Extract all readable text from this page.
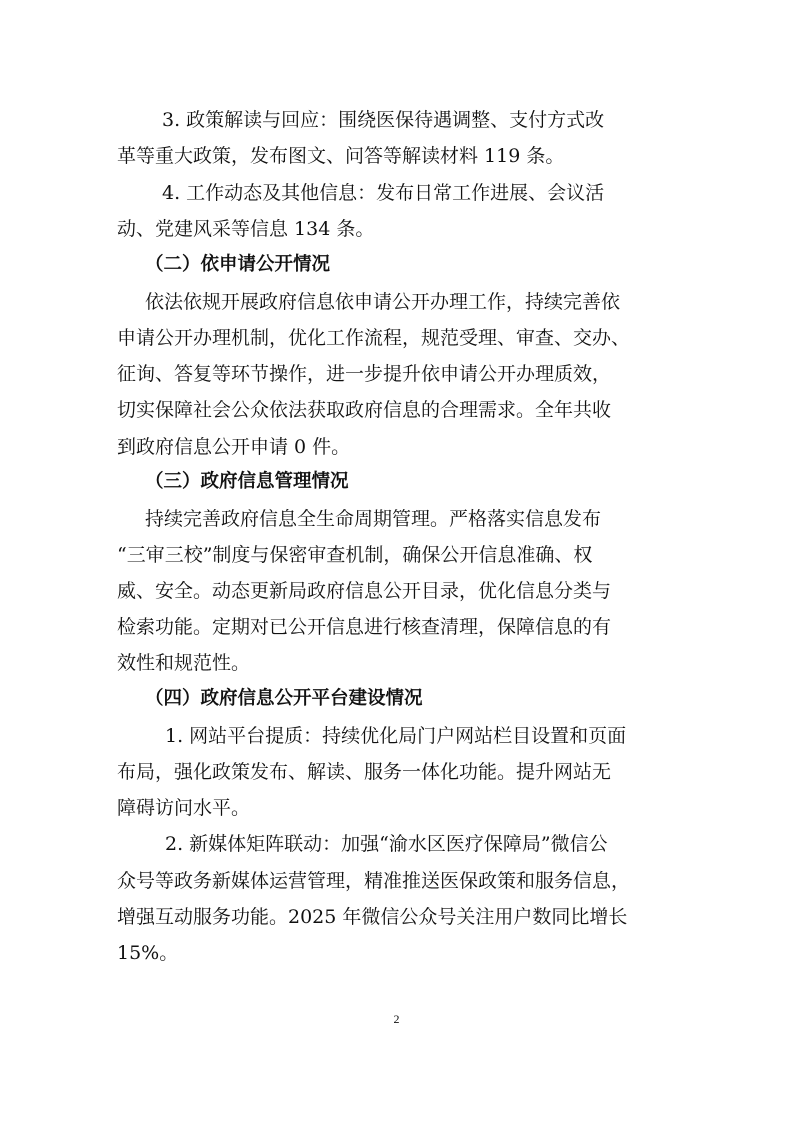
3. 政策解读与回应：围绕医保待遇调整、支付方式改

革等重大政策，发布图文、问答等解读材料 119 条。

4. 工作动态及其他信息：发布日常工作进展、会议活

动、党建风采等信息 134 条。

（二）依申请公开情况

依法依规开展政府信息依申请公开办理工作，持续完善依

申请公开办理机制，优化工作流程，规范受理、审查、交办、

征询、答复等环节操作，进一步提升依申请公开办理质效，

切实保障社会公众依法获取政府信息的合理需求。全年共收

到政府信息公开申请 0 件。

（三）政府信息管理情况

持续完善政府信息全生命周期管理。严格落实信息发布

“三审三校”制度与保密审查机制，确保公开信息准确、权

威、安全。动态更新局政府信息公开目录，优化信息分类与

检索功能。定期对已公开信息进行核查清理，保障信息的有

效性和规范性。

（四）政府信息公开平台建设情况

1. 网站平台提质：持续优化局门户网站栏目设置和页面

布局，强化政策发布、解读、服务一体化功能。提升网站无

障碍访问水平。

2. 新媒体矩阵联动：加强“渝水区医疗保障局”微信公

众号等政务新媒体运营管理，精准推送医保政策和服务信息，

增强互动服务功能。2025 年微信公众号关注用户数同比增长

15%。

2
